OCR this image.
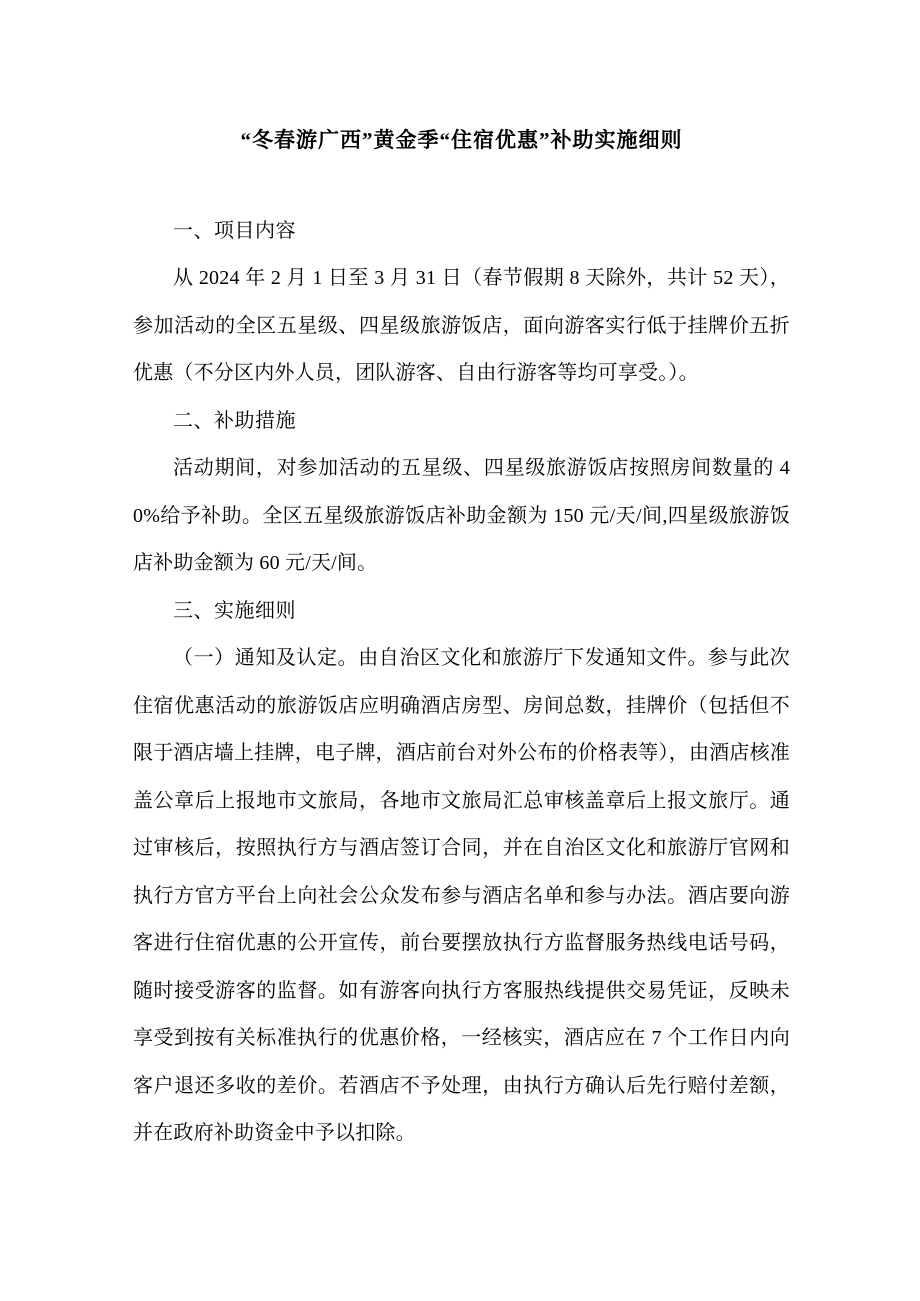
“冬春游广西”黄金季“住宿优惠”补助实施细则
一、项目内容

从 2024 年 2 月 1 日至 3 月 31 日（春节假期 8 天除外，共计 52 天），参加活动的全区五星级、四星级旅游饭店，面向游客实行低于挂牌价五折优惠（不分区内外人员，团队游客、自由行游客等均可享受。）。

二、补助措施

活动期间，对参加活动的五星级、四星级旅游饭店按照房间数量的 40%给予补助。全区五星级旅游饭店补助金额为 150 元/天/间,四星级旅游饭店补助金额为 60 元/天/间。

三、实施细则

（一）通知及认定。由自治区文化和旅游厅下发通知文件。参与此次住宿优惠活动的旅游饭店应明确酒店房型、房间总数，挂牌价（包括但不限于酒店墙上挂牌，电子牌，酒店前台对外公布的价格表等），由酒店核准盖公章后上报地市文旅局，各地市文旅局汇总审核盖章后上报文旅厅。通过审核后，按照执行方与酒店签订合同，并在自治区文化和旅游厅官网和执行方官方平台上向社会公众发布参与酒店名单和参与办法。酒店要向游客进行住宿优惠的公开宣传，前台要摆放执行方监督服务热线电话号码，随时接受游客的监督。如有游客向执行方客服热线提供交易凭证，反映未享受到按有关标准执行的优惠价格，一经核实，酒店应在 7 个工作日内向客户退还多收的差价。若酒店不予处理，由执行方确认后先行赔付差额，并在政府补助资金中予以扣除。
